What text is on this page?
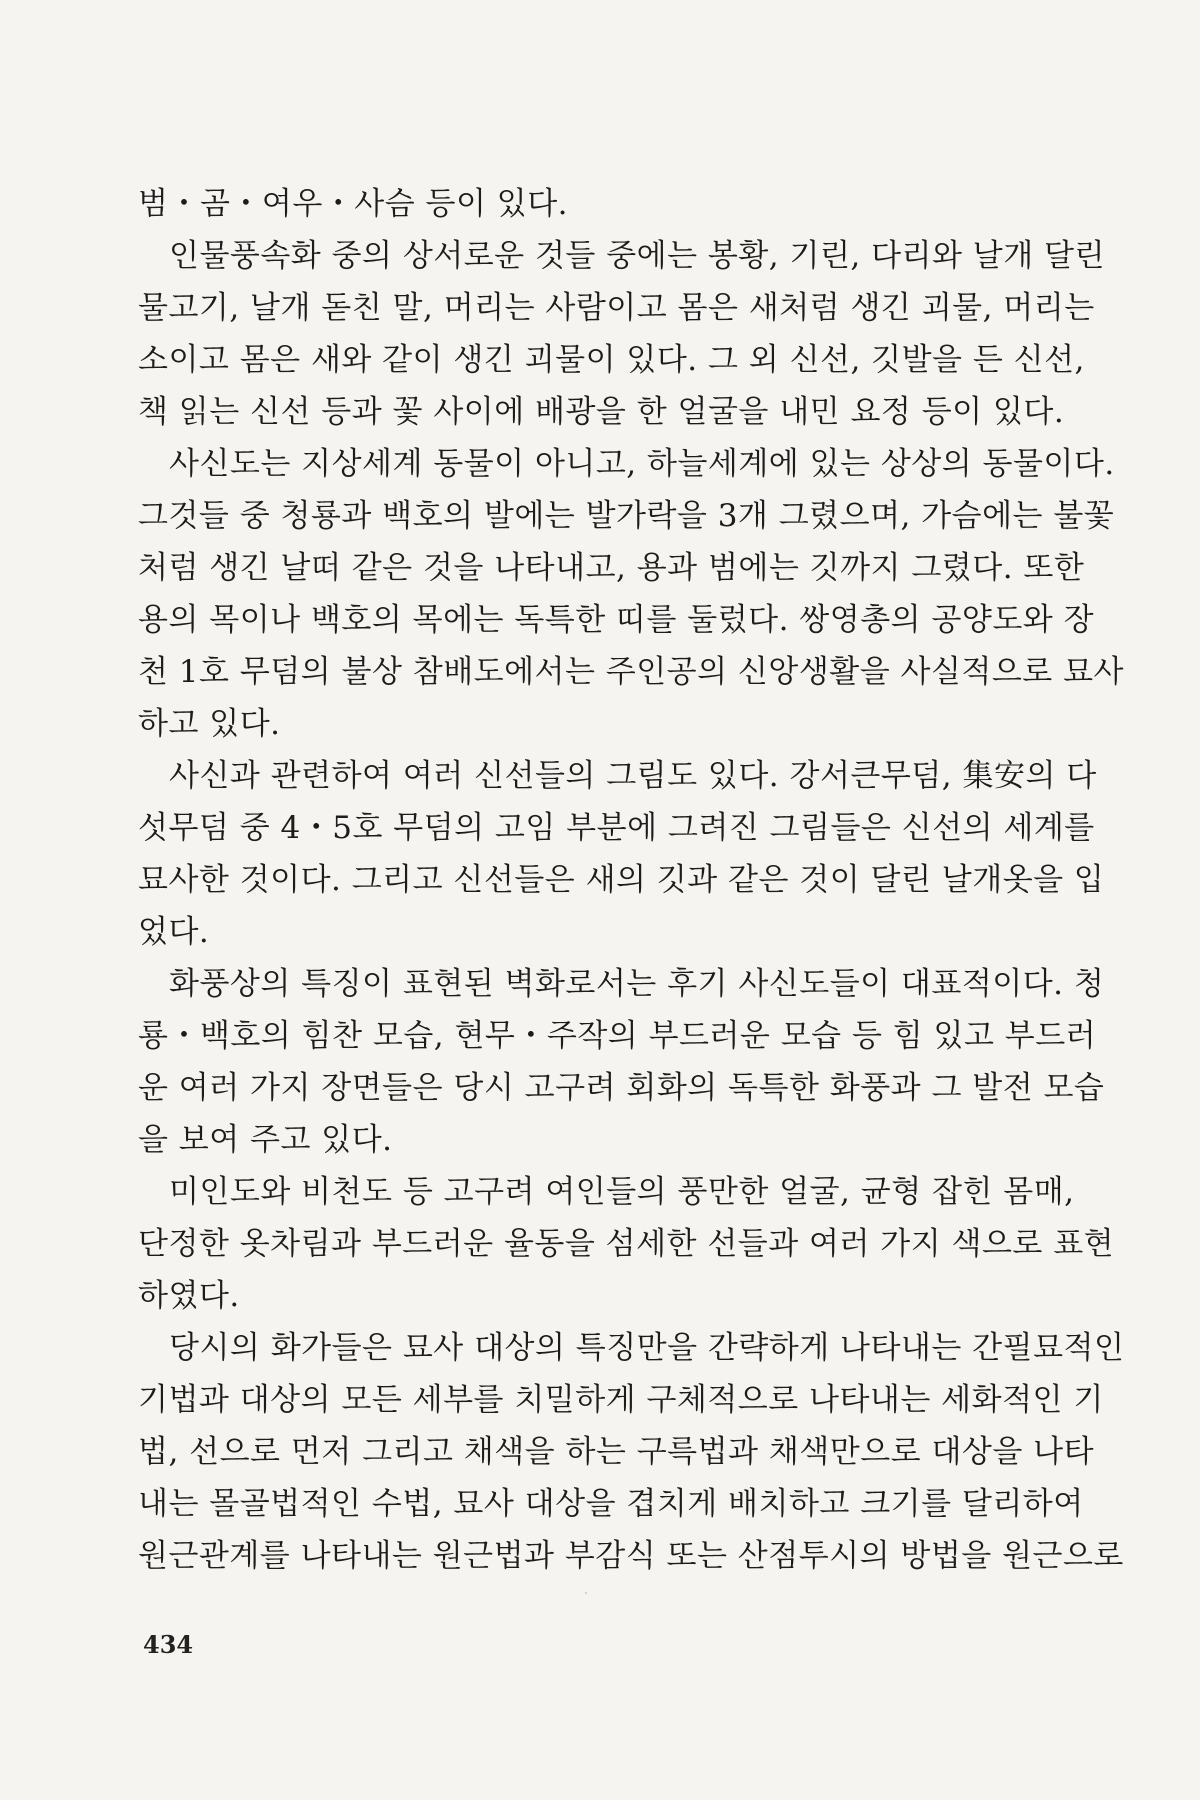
범・곰・여우・사슴 등이 있다.
인물풍속화 중의 상서로운 것들 중에는 봉황, 기린, 다리와 날개 달린
물고기, 날개 돋친 말, 머리는 사람이고 몸은 새처럼 생긴 괴물, 머리는
소이고 몸은 새와 같이 생긴 괴물이 있다. 그 외 신선, 깃발을 든 신선,
책 읽는 신선 등과 꽃 사이에 배광을 한 얼굴을 내민 요정 등이 있다.
사신도는 지상세계 동물이 아니고, 하늘세계에 있는 상상의 동물이다.
그것들 중 청룡과 백호의 발에는 발가락을 3개 그렸으며, 가슴에는 불꽃
처럼 생긴 날떠 같은 것을 나타내고, 용과 범에는 깃까지 그렸다. 또한
용의 목이나 백호의 목에는 독특한 띠를 둘렀다. 쌍영총의 공양도와 장
천 1호 무덤의 불상 참배도에서는 주인공의 신앙생활을 사실적으로 묘사
하고 있다.
사신과 관련하여 여러 신선들의 그림도 있다. 강서큰무덤, 集安의 다
섯무덤 중 4・5호 무덤의 고임 부분에 그려진 그림들은 신선의 세계를
묘사한 것이다. 그리고 신선들은 새의 깃과 같은 것이 달린 날개옷을 입
었다.
화풍상의 특징이 표현된 벽화로서는 후기 사신도들이 대표적이다. 청
룡・백호의 힘찬 모습, 현무・주작의 부드러운 모습 등 힘 있고 부드러
운 여러 가지 장면들은 당시 고구려 회화의 독특한 화풍과 그 발전 모습
을 보여 주고 있다.
미인도와 비천도 등 고구려 여인들의 풍만한 얼굴, 균형 잡힌 몸매,
단정한 옷차림과 부드러운 율동을 섬세한 선들과 여러 가지 색으로 표현
하였다.
당시의 화가들은 묘사 대상의 특징만을 간략하게 나타내는 간필묘적인
기법과 대상의 모든 세부를 치밀하게 구체적으로 나타내는 세화적인 기
법, 선으로 먼저 그리고 채색을 하는 구륵법과 채색만으로 대상을 나타
내는 몰골법적인 수법, 묘사 대상을 겹치게 배치하고 크기를 달리하여
원근관계를 나타내는 원근법과 부감식 또는 산점투시의 방법을 원근으로
434
